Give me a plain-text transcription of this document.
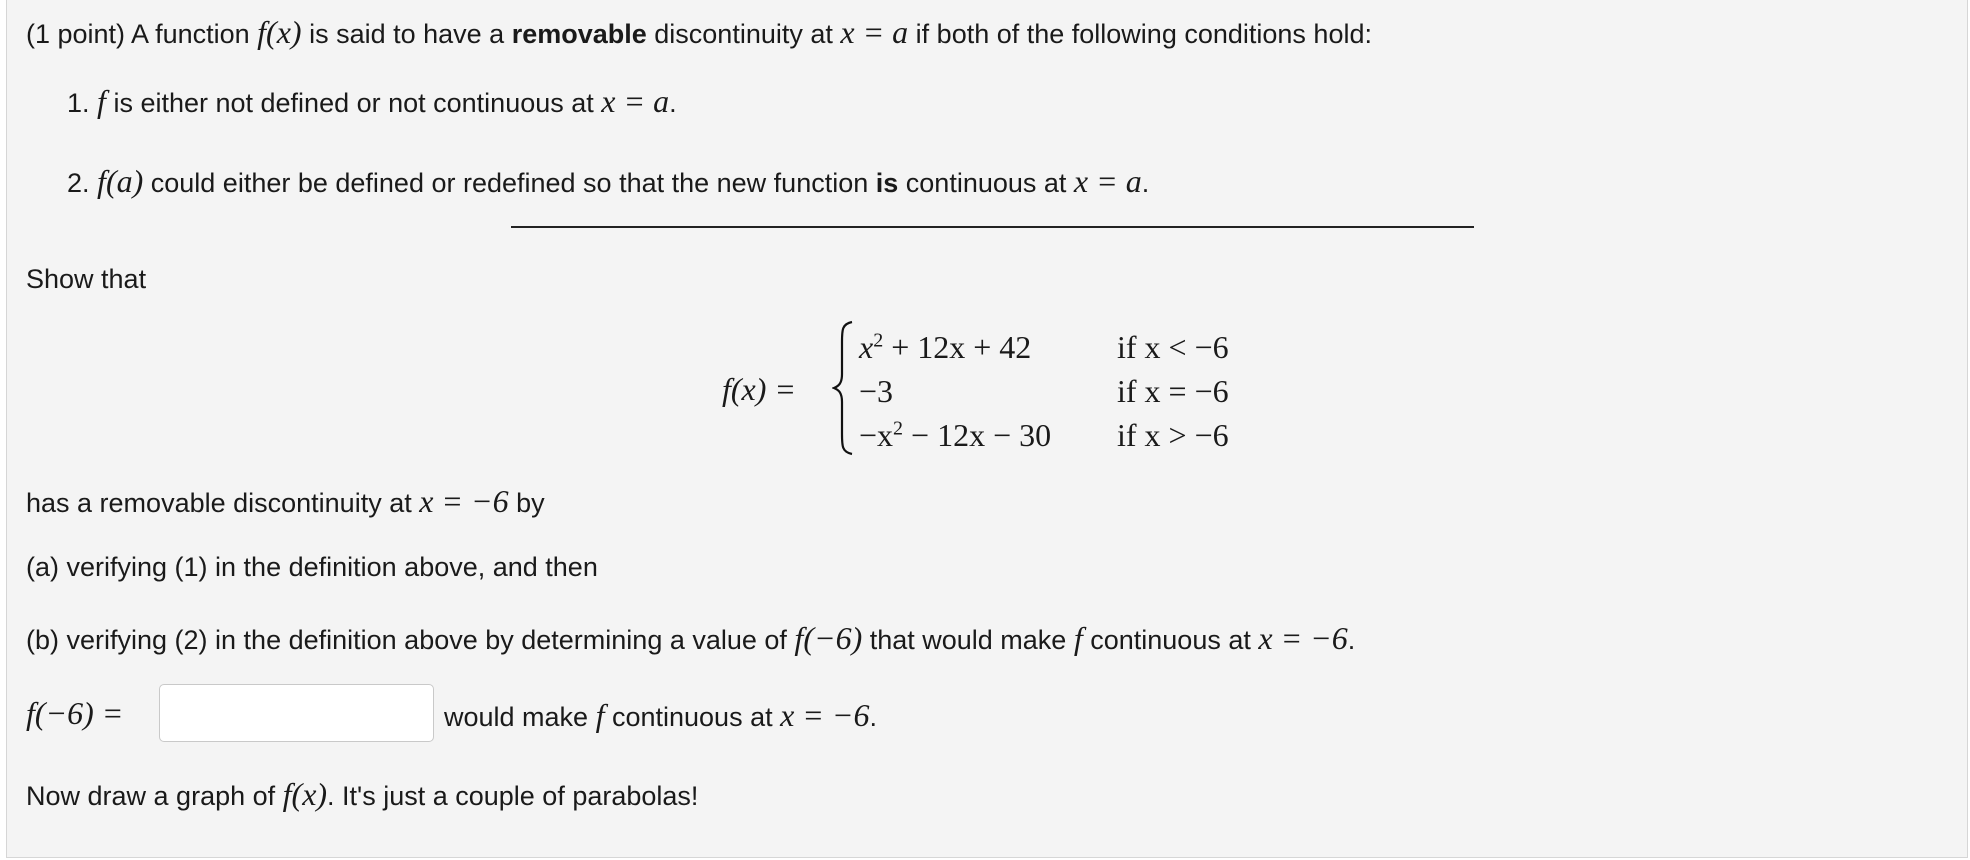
(1 point) A function f(x) is said to have a removable discontinuity at x = a if both of the following conditions hold:
1. f is either not defined or not continuous at x = a.
2. f(a) could either be defined or redefined so that the new function is continuous at x = a.
Show that
f(x) =
$x^2 + 12x + 42$	if x < −6
−3	if x = −6
$-x^2 - 12x - 30$ if x > −6
has a removable discontinuity at x = −6 by
(a) verifying (1) in the definition above, and then
(b) verifying (2) in the definition above by determining a value of f(−6) that would make f continuous at x = −6.
f(−6) =	would make f continuous at x = −6.
Now draw a graph of f(x). It's just a couple of parabolas!
